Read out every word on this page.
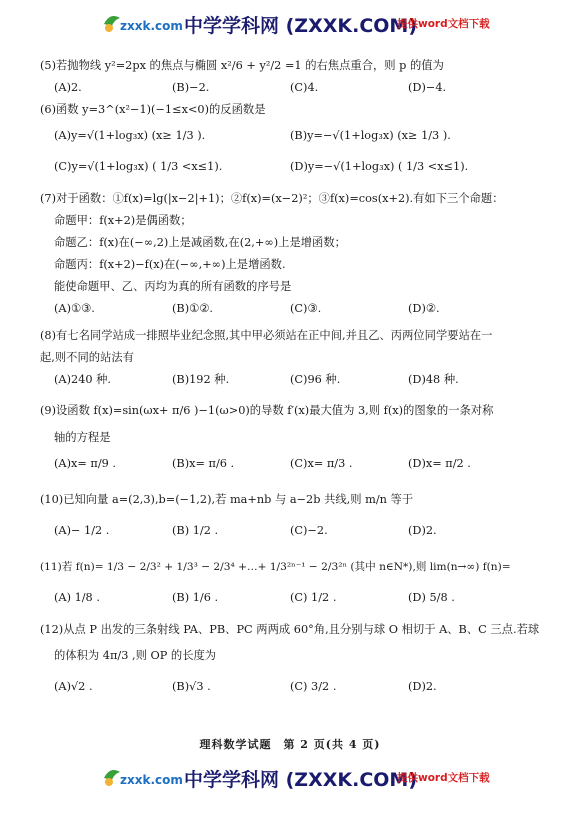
zxxk.com 中学学科网 (ZXXK.COM)
提供word文档下载
(5)若抛物线 y²=2px 的焦点与椭圆 x²/6 + y²/2 =1 的右焦点重合，则 p 的值为
(A)2.	(B)−2.	(C)4.	(D)−4.
(6)函数 y=3^(x²−1)(−1≤x<0)的反函数是
(A)y=√(1+log₃x) (x≥ 1/3 ).	(B)y=−√(1+log₃x) (x≥ 1/3 ).
(C)y=√(1+log₃x) ( 1/3 <x≤1).	(D)y=−√(1+log₃x) ( 1/3 <x≤1).
(7)对于函数：①f(x)=lg(|x−2|+1)；②f(x)=(x−2)²；③f(x)=cos(x+2).有如下三个命题：
命题甲：f(x+2)是偶函数；
命题乙：f(x)在(−∞,2)上是减函数,在(2,+∞)上是增函数；
命题丙：f(x+2)−f(x)在(−∞,+∞)上是增函数.
能使命题甲、乙、丙均为真的所有函数的序号是
(A)①③.	(B)①②.	(C)③.	(D)②.
(8)有七名同学站成一排照毕业纪念照,其中甲必须站在正中间,并且乙、丙两位同学要站在一
起,则不同的站法有
(A)240 种.	(B)192 种.	(C)96 种.	(D)48 种.
(9)设函数 f(x)=sin(ωx+ π/6 )−1(ω>0)的导数 f′(x)最大值为 3,则 f(x)的图象的一条对称
轴的方程是
(A)x= π/9 .	(B)x= π/6 .	(C)x= π/3 .	(D)x= π/2 .
(10)已知向量 a=(2,3),b=(−1,2),若 ma+nb 与 a−2b 共线,则 m/n 等于
(A)− 1/2 .	(B) 1/2 .	(C)−2.	(D)2.
(11)若 f(n)= 1/3 − 2/3² + 1/3³ − 2/3⁴ +…+ 1/3²ⁿ⁻¹ − 2/3²ⁿ (其中 n∈N*),则 lim(n→∞) f(n)=
(A) 1/8 .	(B) 1/6 .	(C) 1/2 .	(D) 5/8 .
(12)从点 P 出发的三条射线 PA、PB、PC 两两成 60°角,且分别与球 O 相切于 A、B、C 三点.若球
的体积为 4π/3 ,则 OP 的长度为
(A)√2 .	(B)√3 .	(C) 3/2 .	(D)2.
理科数学试题　第 2 页(共 4 页)
zxxk.com 中学学科网 (ZXXK.COM)
提供word文档下载
